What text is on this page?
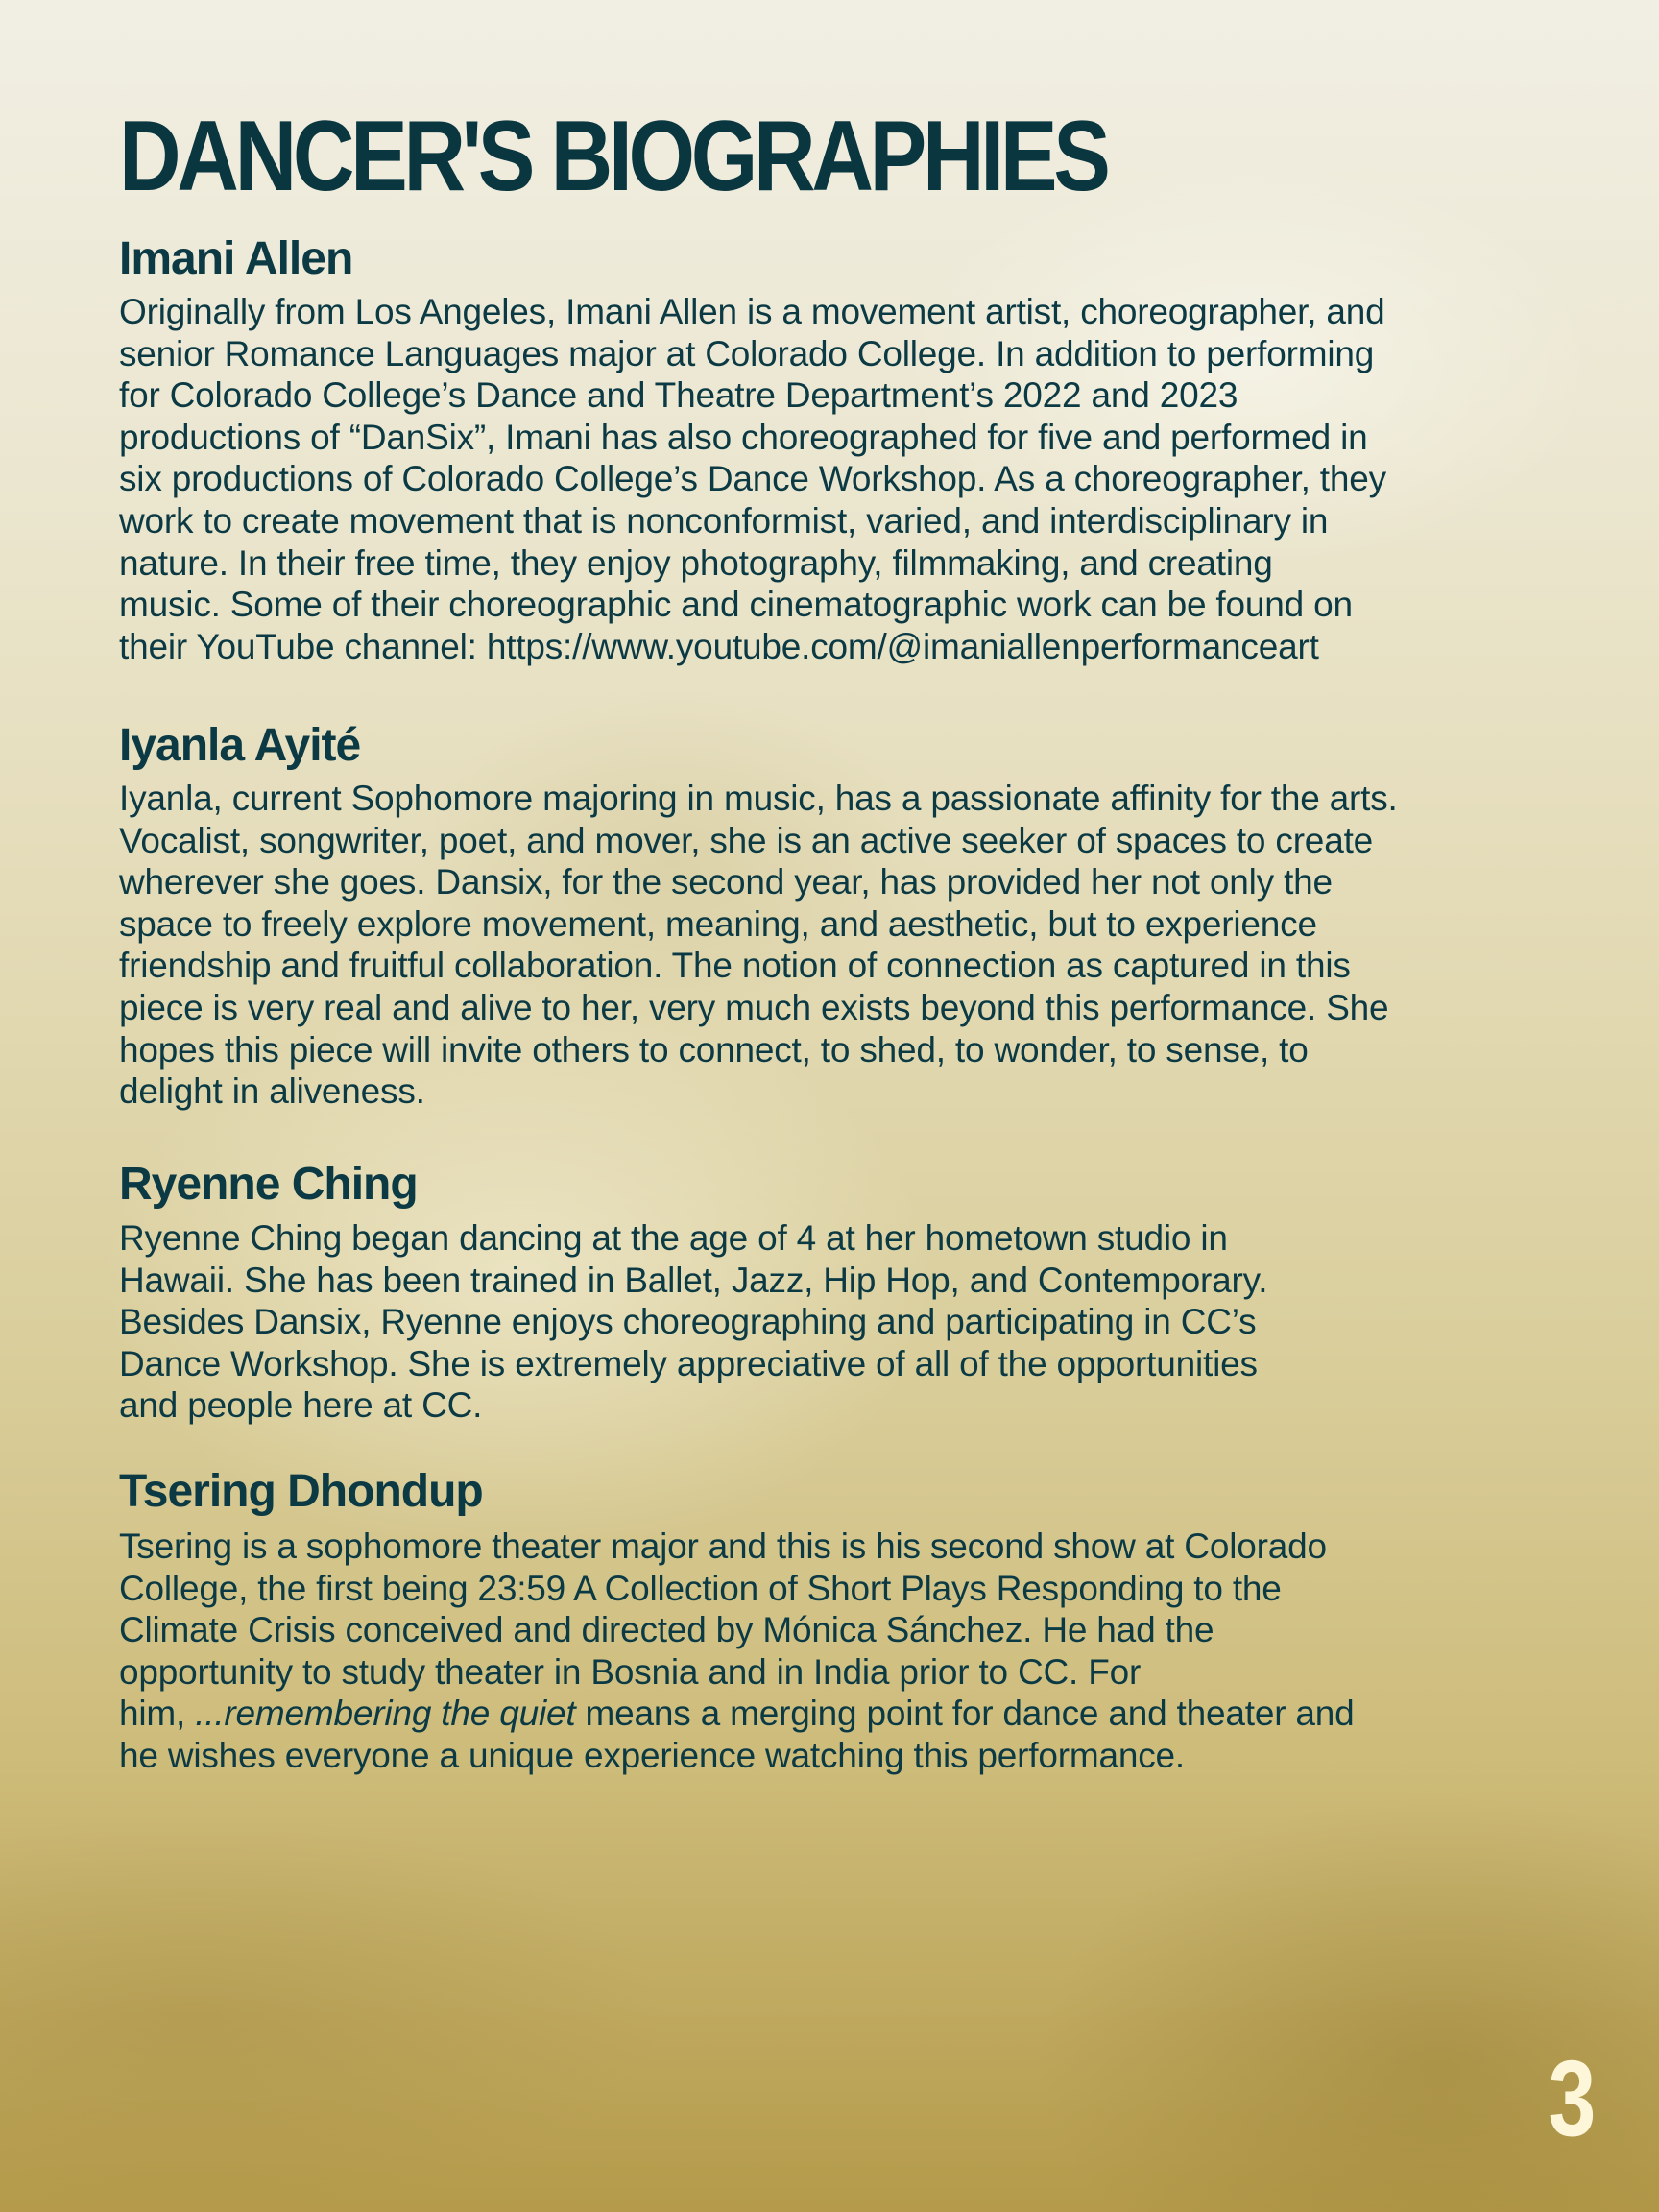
DANCER'S BIOGRAPHIES
Imani Allen

Originally from Los Angeles, Imani Allen is a movement artist, choreographer, and
senior Romance Languages major at Colorado College. In addition to performing
for Colorado College’s Dance and Theatre Department’s 2022 and 2023
productions of “DanSix”, Imani has also choreographed for five and performed in
six productions of Colorado College’s Dance Workshop. As a choreographer, they
work to create movement that is nonconformist, varied, and interdisciplinary in
nature. In their free time, they enjoy photography, filmmaking, and creating
music. Some of their choreographic and cinematographic work can be found on
their YouTube channel: https://www.youtube.com/@imaniallenperformanceart

Iyanla Ayité

Iyanla, current Sophomore majoring in music, has a passionate affinity for the arts.
Vocalist, songwriter, poet, and mover, she is an active seeker of spaces to create
wherever she goes. Dansix, for the second year, has provided her not only the
space to freely explore movement, meaning, and aesthetic, but to experience
friendship and fruitful collaboration. The notion of connection as captured in this
piece is very real and alive to her, very much exists beyond this performance. She
hopes this piece will invite others to connect, to shed, to wonder, to sense, to
delight in aliveness.

Ryenne Ching

Ryenne Ching began dancing at the age of 4 at her hometown studio in
Hawaii. She has been trained in Ballet, Jazz, Hip Hop, and Contemporary.
Besides Dansix, Ryenne enjoys choreographing and participating in CC’s
Dance Workshop. She is extremely appreciative of all of the opportunities
and people here at CC.

Tsering Dhondup

Tsering is a sophomore theater major and this is his second show at Colorado
College, the first being 23:59 A Collection of Short Plays Responding to the
Climate Crisis conceived and directed by Mónica Sánchez. He had the
opportunity to study theater in Bosnia and in India prior to CC. For
him, ...remembering the quiet means a merging point for dance and theater and
he wishes everyone a unique experience watching this performance.

3
